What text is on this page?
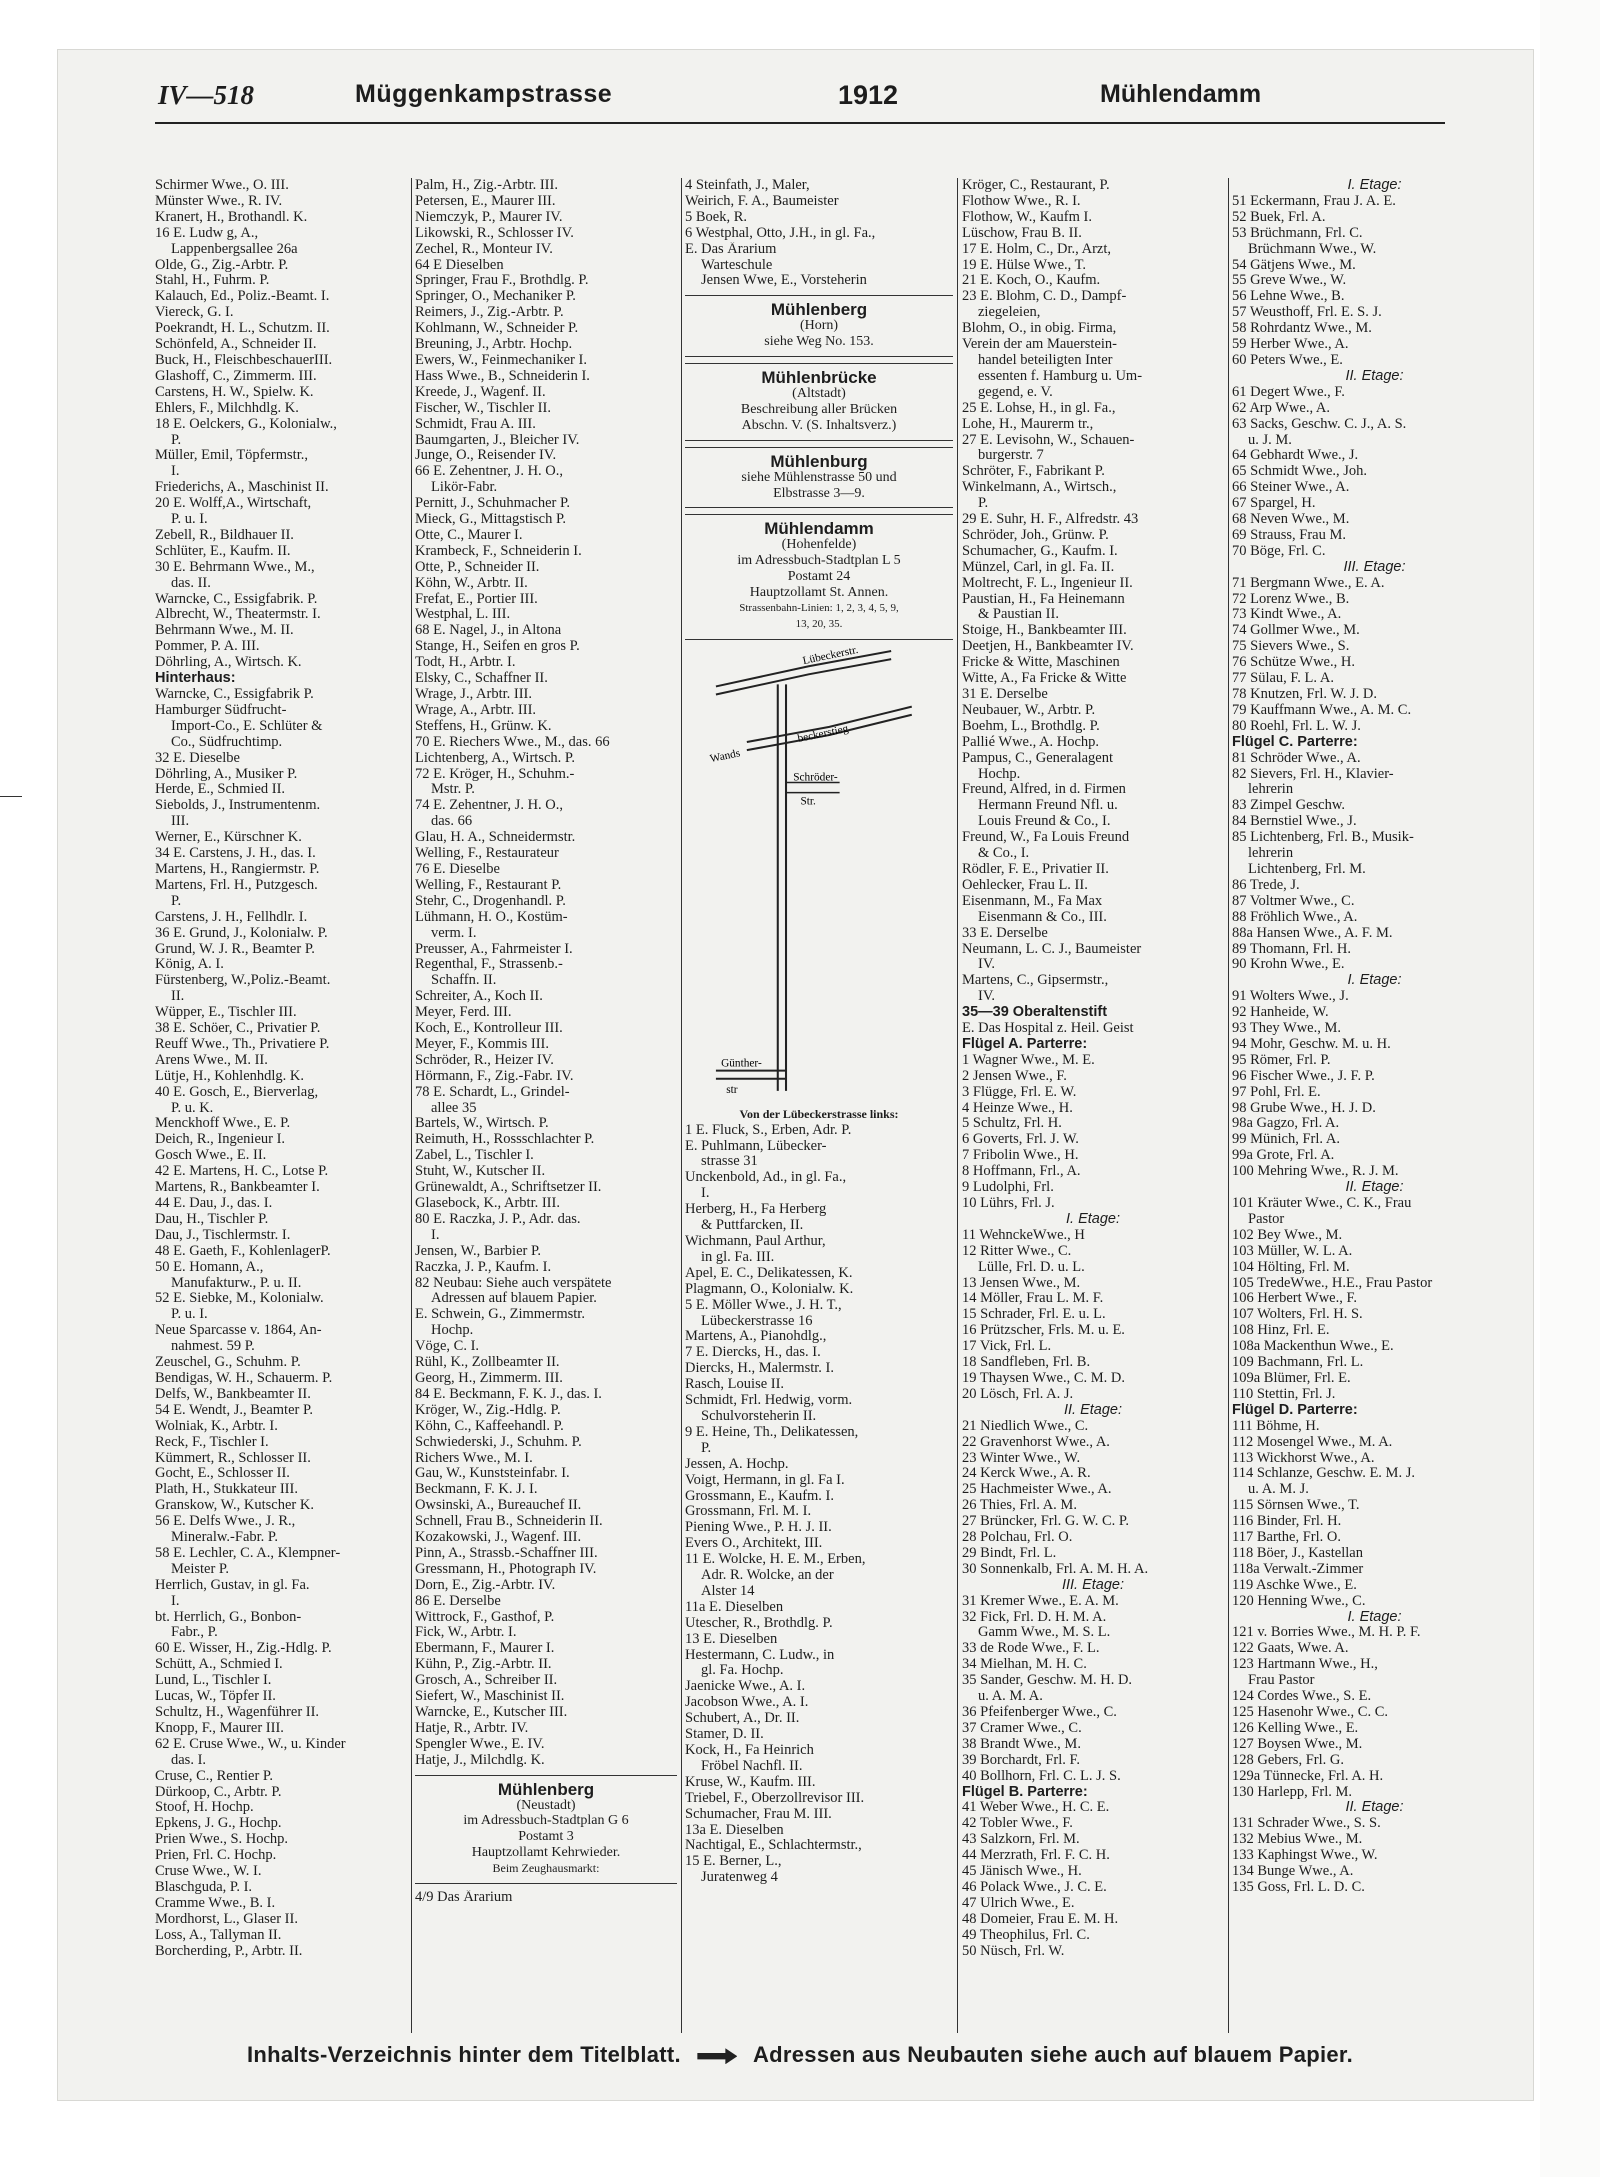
IV—518	Müggenkampstrasse	1912	Mühlendamm
Schirmer Wwe., O. III.
Münster Wwe., R. IV.
Kranert, H., Brothandl. K.
16 E. Ludw g, A.,
Lappenbergsallee 26a
Olde, G., Zig.-Arbtr. P.
Stahl, H., Fuhrm. P.
Kalauch, Ed., Poliz.-Beamt. I.
Viereck, G. I.
Poekrandt, H. L., Schutzm. II.
Schönfeld, A., Schneider II.
Buck, H., FleischbeschauerIII.
Glashoff, C., Zimmerm. III.
Carstens, H. W., Spielw. K.
Ehlers, F., Milchhdlg. K.
18 E. Oelckers, G., Kolonialw.,
P.
Müller, Emil, Töpfermstr.,
I.
Friederichs, A., Maschinist II.
20 E. Wolff,A., Wirtschaft,
P. u. I.
Zebell, R., Bildhauer II.
Schlüter, E., Kaufm. II.
30 E. Behrmann Wwe., M.,
das. II.
Warncke, C., Essigfabrik. P.
Albrecht, W., Theatermstr. I.
Behrmann Wwe., M. II.
Pommer, P. A. III.
Döhrling, A., Wirtsch. K.
Hinterhaus:
Warncke, C., Essigfabrik P.
Hamburger Südfrucht-
Import-Co., E. Schlüter &
Co., Südfruchtimp.
32 E. Dieselbe
Döhrling, A., Musiker P.
Herde, E., Schmied II.
Siebolds, J., Instrumentenm.
III.
Werner, E., Kürschner K.
34 E. Carstens, J. H., das. I.
Martens, H., Rangiermstr. P.
Martens, Frl. H., Putzgesch.
P.
Carstens, J. H., Fellhdlr. I.
36 E. Grund, J., Kolonialw. P.
Grund, W. J. R., Beamter P.
König, A. I.
Fürstenberg, W.,Poliz.-Beamt.
II.
Wüpper, E., Tischler III.
38 E. Schöer, C., Privatier P.
Reuff Wwe., Th., Privatiere P.
Arens Wwe., M. II.
Lütje, H., Kohlenhdlg. K.
40 E. Gosch, E., Bierverlag,
P. u. K.
Menckhoff Wwe., E. P.
Deich, R., Ingenieur I.
Gosch Wwe., E. II.
42 E. Martens, H. C., Lotse P.
Martens, R., Bankbeamter I.
44 E. Dau, J., das. I.
Dau, H., Tischler P.
Dau, J., Tischlermstr. I.
48 E. Gaeth, F., KohlenlagerP.
50 E. Homann, A.,
Manufakturw., P. u. II.
52 E. Siebke, M., Kolonialw.
P. u. I.
Neue Sparcasse v. 1864, An-
nahmest. 59 P.
Zeuschel, G., Schuhm. P.
Bendigas, W. H., Schauerm. P.
Delfs, W., Bankbeamter II.
54 E. Wendt, J., Beamter P.
Wolniak, K., Arbtr. I.
Reck, F., Tischler I.
Kümmert, R., Schlosser II.
Gocht, E., Schlosser II.
Plath, H., Stukkateur III.
Granskow, W., Kutscher K.
56 E. Delfs Wwe., J. R.,
Mineralw.-Fabr. P.
58 E. Lechler, C. A., Klempner-
Meister P.
Herrlich, Gustav, in gl. Fa.
I.
bt. Herrlich, G., Bonbon-
Fabr., P.
60 E. Wisser, H., Zig.-Hdlg. P.
Schütt, A., Schmied I.
Lund, L., Tischler I.
Lucas, W., Töpfer II.
Schultz, H., Wagenführer II.
Knopp, F., Maurer III.
62 E. Cruse Wwe., W., u. Kinder
das. I.
Cruse, C., Rentier P.
Dürkoop, C., Arbtr. P.
Stoof, H. Hochp.
Epkens, J. G., Hochp.
Prien Wwe., S. Hochp.
Prien, Frl. C. Hochp.
Cruse Wwe., W. I.
Blaschguda, P. I.
Cramme Wwe., B. I.
Mordhorst, L., Glaser II.
Loss, A., Tallyman II.
Borcherding, P., Arbtr. II.
Palm, H., Zig.-Arbtr. III.
Petersen, E., Maurer III.
Niemczyk, P., Maurer IV.
Likowski, R., Schlosser IV.
Zechel, R., Monteur IV.
64 E Dieselben
Springer, Frau F., Brothdlg. P.
Springer, O., Mechaniker P.
Reimers, J., Zig.-Arbtr. P.
Kohlmann, W., Schneider P.
Breuning, J., Arbtr. Hochp.
Ewers, W., Feinmechaniker I.
Hass Wwe., B., Schneiderin I.
Kreede, J., Wagenf. II.
Fischer, W., Tischler II.
Schmidt, Frau A. III.
Baumgarten, J., Bleicher IV.
Junge, O., Reisender IV.
66 E. Zehentner, J. H. O.,
Likör-Fabr.
Pernitt, J., Schuhmacher P.
Mieck, G., Mittagstisch P.
Otte, C., Maurer I.
Krambeck, F., Schneiderin I.
Otte, P., Schneider II.
Köhn, W., Arbtr. II.
Frefat, E., Portier III.
Westphal, L. III.
68 E. Nagel, J., in Altona
Stange, H., Seifen en gros P.
Todt, H., Arbtr. I.
Elsky, C., Schaffner II.
Wrage, J., Arbtr. III.
Wrage, A., Arbtr. III.
Steffens, H., Grünw. K.
70 E. Riechers Wwe., M., das. 66
Lichtenberg, A., Wirtsch. P.
72 E. Kröger, H., Schuhm.-
Mstr. P.
74 E. Zehentner, J. H. O.,
das. 66
Glau, H. A., Schneidermstr.
Welling, F., Restaurateur
76 E. Dieselbe
Welling, F., Restaurant P.
Stehr, C., Drogenhandl. P.
Lühmann, H. O., Kostüm-
verm. I.
Preusser, A., Fahrmeister I.
Regenthal, F., Strassenb.-
Schaffn. II.
Schreiter, A., Koch II.
Meyer, Ferd. III.
Koch, E., Kontrolleur III.
Meyer, F., Kommis III.
Schröder, R., Heizer IV.
Hörmann, F., Zig.-Fabr. IV.
78 E. Schardt, L., Grindel-
allee 35
Bartels, W., Wirtsch. P.
Reimuth, H., Rossschlachter P.
Zabel, L., Tischler I.
Stuht, W., Kutscher II.
Grünewaldt, A., Schriftsetzer II.
Glasebock, K., Arbtr. III.
80 E. Raczka, J. P., Adr. das.
I.
Jensen, W., Barbier P.
Raczka, J. P., Kaufm. I.
82 Neubau: Siehe auch verspätete
Adressen auf blauem Papier.
E. Schwein, G., Zimmermstr.
Hochp.
Vöge, C. I.
Rühl, K., Zollbeamter II.
Georg, H., Zimmerm. III.
84 E. Beckmann, F. K. J., das. I.
Kröger, W., Zig.-Hdlg. P.
Köhn, C., Kaffeehandl. P.
Schwiederski, J., Schuhm. P.
Richers Wwe., M. I.
Gau, W., Kunststeinfabr. I.
Beckmann, F. K. J. I.
Owsinski, A., Bureauchef II.
Schnell, Frau B., Schneiderin II.
Kozakowski, J., Wagenf. III.
Pinn, A., Strassb.-Schaffner III.
Gressmann, H., Photograph IV.
Dorn, E., Zig.-Arbtr. IV.
86 E. Derselbe
Wittrock, F., Gasthof, P.
Fick, W., Arbtr. I.
Ebermann, F., Maurer I.
Kühn, P., Zig.-Arbtr. II.
Grosch, A., Schreiber II.
Siefert, W., Maschinist II.
Warncke, E., Kutscher III.
Hatje, R., Arbtr. IV.
Spengler Wwe., E. IV.
Hatje, J., Milchdlg. K.
Mühlenberg
(Neustadt)
im Adressbuch-Stadtplan G 6
Postamt 3
Hauptzollamt Kehrwieder.
Beim Zeughausmarkt:
4/9 Das Ärarium
4 Steinfath, J., Maler,
Weirich, F. A., Baumeister
5 Boek, R.
6 Westphal, Otto, J.H., in gl. Fa.,
E. Das Ärarium
Warteschule
Jensen Wwe, E., Vorsteherin
Mühlenberg
(Horn)
siehe Weg No. 153.
Mühlenbrücke
(Altstadt)
Beschreibung aller Brücken
Abschn. V. (S. Inhaltsverz.)
Mühlenburg
siehe Mühlenstrasse 50 und
Elbstrasse 3—9.
Mühlendamm
(Hohenfelde)
im Adressbuch-Stadtplan L 5
Postamt 24
Hauptzollamt St. Annen.
Strassenbahn-Linien: 1, 2, 3, 4, 5, 9,
13, 20, 35.
Lübeckerstr.
Wands
beckerstieg
Schröder-
Str.
Günther-
str
Von der Lübeckerstrasse links:
1 E. Fluck, S., Erben, Adr. P.
E. Puhlmann, Lübecker-
strasse 31
Unckenbold, Ad., in gl. Fa.,
I.
Herberg, H., Fa Herberg
& Puttfarcken, II.
Wichmann, Paul Arthur,
in gl. Fa. III.
Apel, E. C., Delikatessen, K.
Plagmann, O., Kolonialw. K.
5 E. Möller Wwe., J. H. T.,
Lübeckerstrasse 16
Martens, A., Pianohdlg.,
7 E. Diercks, H., das. I.
Diercks, H., Malermstr. I.
Rasch, Louise II.
Schmidt, Frl. Hedwig, vorm.
Schulvorsteherin II.
9 E. Heine, Th., Delikatessen,
P.
Jessen, A. Hochp.
Voigt, Hermann, in gl. Fa I.
Grossmann, E., Kaufm. I.
Grossmann, Frl. M. I.
Piening Wwe., P. H. J. II.
Evers O., Architekt, III.
11 E. Wolcke, H. E. M., Erben,
Adr. R. Wolcke, an der
Alster 14
11a E. Dieselben
Utescher, R., Brothdlg. P.
13 E. Dieselben
Hestermann, C. Ludw., in
gl. Fa. Hochp.
Jaenicke Wwe., A. I.
Jacobson Wwe., A. I.
Schubert, A., Dr. II.
Stamer, D. II.
Kock, H., Fa Heinrich
Fröbel Nachfl. II.
Kruse, W., Kaufm. III.
Triebel, F., Oberzollrevisor III.
Schumacher, Frau M. III.
13a E. Dieselben
Nachtigal, E., Schlachtermstr.,
15 E. Berner, L.,
Juratenweg 4
Kröger, C., Restaurant, P.
Flothow Wwe., R. I.
Flothow, W., Kaufm I.
Lüschow, Frau B. II.
17 E. Holm, C., Dr., Arzt,
19 E. Hülse Wwe., T.
21 E. Koch, O., Kaufm.
23 E. Blohm, C. D., Dampf-
ziegeleien,
Blohm, O., in obig. Firma,
Verein der am Mauerstein-
handel beteiligten Inter
essenten f. Hamburg u. Um-
gegend, e. V.
25 E. Lohse, H., in gl. Fa.,
Lohe, H., Maurerm tr.,
27 E. Levisohn, W., Schauen-
burgerstr. 7
Schröter, F., Fabrikant P.
Winkelmann, A., Wirtsch.,
P.
29 E. Suhr, H. F., Alfredstr. 43
Schröder, Joh., Grünw. P.
Schumacher, G., Kaufm. I.
Münzel, Carl, in gl. Fa. II.
Moltrecht, F. L., Ingenieur II.
Paustian, H., Fa Heinemann
& Paustian II.
Stoige, H., Bankbeamter III.
Deetjen, H., Bankbeamter IV.
Fricke & Witte, Maschinen
Witte, A., Fa Fricke & Witte
31 E. Derselbe
Neubauer, W., Arbtr. P.
Boehm, L., Brothdlg. P.
Pallié Wwe., A. Hochp.
Pampus, C., Generalagent
Hochp.
Freund, Alfred, in d. Firmen
Hermann Freund Nfl. u.
Louis Freund & Co., I.
Freund, W., Fa Louis Freund
& Co., I.
Rödler, F. E., Privatier II.
Oehlecker, Frau L. II.
Eisenmann, M., Fa Max
Eisenmann & Co., III.
33 E. Derselbe
Neumann, L. C. J., Baumeister
IV.
Martens, C., Gipsermstr.,
IV.
35—39 Oberaltenstift
E. Das Hospital z. Heil. Geist
Flügel A. Parterre:
1 Wagner Wwe., M. E.
2 Jensen Wwe., F.
3 Flügge, Frl. E. W.
4 Heinze Wwe., H.
5 Schultz, Frl. H.
6 Goverts, Frl. J. W.
7 Fribolin Wwe., H.
8 Hoffmann, Frl., A.
9 Ludolphi, Frl.
10 Lührs, Frl. J.
I. Etage:
11 WehnckeWwe., H
12 Ritter Wwe., C.
Lülle, Frl. D. u. L.
13 Jensen Wwe., M.
14 Möller, Frau L. M. F.
15 Schrader, Frl. E. u. L.
16 Prützscher, Frls. M. u. E.
17 Vick, Frl. L.
18 Sandfleben, Frl. B.
19 Thaysen Wwe., C. M. D.
20 Lösch, Frl. A. J.
II. Etage:
21 Niedlich Wwe., C.
22 Gravenhorst Wwe., A.
23 Winter Wwe., W.
24 Kerck Wwe., A. R.
25 Hachmeister Wwe., A.
26 Thies, Frl. A. M.
27 Brüncker, Frl. G. W. C. P.
28 Polchau, Frl. O.
29 Bindt, Frl. L.
30 Sonnenkalb, Frl. A. M. H. A.
III. Etage:
31 Kremer Wwe., E. A. M.
32 Fick, Frl. D. H. M. A.
Gamm Wwe., M. S. L.
33 de Rode Wwe., F. L.
34 Mielhan, M. H. C.
35 Sander, Geschw. M. H. D.
u. A. M. A.
36 Pfeifenberger Wwe., C.
37 Cramer Wwe., C.
38 Brandt Wwe., M.
39 Borchardt, Frl. F.
40 Bollhorn, Frl. C. L. J. S.
Flügel B. Parterre:
41 Weber Wwe., H. C. E.
42 Tobler Wwe., F.
43 Salzkorn, Frl. M.
44 Merzrath, Frl. F. C. H.
45 Jänisch Wwe., H.
46 Polack Wwe., J. C. E.
47 Ulrich Wwe., E.
48 Domeier, Frau E. M. H.
49 Theophilus, Frl. C.
50 Nüsch, Frl. W.
I. Etage:
51 Eckermann, Frau J. A. E.
52 Buek, Frl. A.
53 Brüchmann, Frl. C.
Brüchmann Wwe., W.
54 Gätjens Wwe., M.
55 Greve Wwe., W.
56 Lehne Wwe., B.
57 Weusthoff, Frl. E. S. J.
58 Rohrdantz Wwe., M.
59 Herber Wwe., A.
60 Peters Wwe., E.
II. Etage:
61 Degert Wwe., F.
62 Arp Wwe., A.
63 Sacks, Geschw. C. J., A. S.
u. J. M.
64 Gebhardt Wwe., J.
65 Schmidt Wwe., Joh.
66 Steiner Wwe., A.
67 Spargel, H.
68 Neven Wwe., M.
69 Strauss, Frau M.
70 Böge, Frl. C.
III. Etage:
71 Bergmann Wwe., E. A.
72 Lorenz Wwe., B.
73 Kindt Wwe., A.
74 Gollmer Wwe., M.
75 Sievers Wwe., S.
76 Schütze Wwe., H.
77 Sülau, F. L. A.
78 Knutzen, Frl. W. J. D.
79 Kauffmann Wwe., A. M. C.
80 Roehl, Frl. L. W. J.
Flügel C. Parterre:
81 Schröder Wwe., A.
82 Sievers, Frl. H., Klavier-
lehrerin
83 Zimpel Geschw.
84 Bernstiel Wwe., J.
85 Lichtenberg, Frl. B., Musik-
lehrerin
Lichtenberg, Frl. M.
86 Trede, J.
87 Voltmer Wwe., C.
88 Fröhlich Wwe., A.
88a Hansen Wwe., A. F. M.
89 Thomann, Frl. H.
90 Krohn Wwe., E.
I. Etage:
91 Wolters Wwe., J.
92 Hanheide, W.
93 They Wwe., M.
94 Mohr, Geschw. M. u. H.
95 Römer, Frl. P.
96 Fischer Wwe., J. F. P.
97 Pohl, Frl. E.
98 Grube Wwe., H. J. D.
98a Gagzo, Frl. A.
99 Münich, Frl. A.
99a Grote, Frl. A.
100 Mehring Wwe., R. J. M.
II. Etage:
101 Kräuter Wwe., C. K., Frau
Pastor
102 Bey Wwe., M.
103 Müller, W. L. A.
104 Hölting, Frl. M.
105 TredeWwe., H.E., Frau Pastor
106 Herbert Wwe., F.
107 Wolters, Frl. H. S.
108 Hinz, Frl. E.
108a Mackenthun Wwe., E.
109 Bachmann, Frl. L.
109a Blümer, Frl. E.
110 Stettin, Frl. J.
Flügel D. Parterre:
111 Böhme, H.
112 Mosengel Wwe., M. A.
113 Wickhorst Wwe., A.
114 Schlanze, Geschw. E. M. J.
u. A. M. J.
115 Sörnsen Wwe., T.
116 Binder, Frl. H.
117 Barthe, Frl. O.
118 Böer, J., Kastellan
118a Verwalt.-Zimmer
119 Aschke Wwe., E.
120 Henning Wwe., C.
I. Etage:
121 v. Borries Wwe., M. H. P. F.
122 Gaats, Wwe. A.
123 Hartmann Wwe., H.,
Frau Pastor
124 Cordes Wwe., S. E.
125 Hasenohr Wwe., C. C.
126 Kelling Wwe., E.
127 Boysen Wwe., M.
128 Gebers, Frl. G.
129a Tünnecke, Frl. A. H.
130 Harlepp, Frl. M.
II. Etage:
131 Schrader Wwe., S. S.
132 Mebius Wwe., M.
133 Kaphingst Wwe., W.
134 Bunge Wwe., A.
135 Goss, Frl. L. D. C.
Inhalts-Verzeichnis hinter dem Titelblatt.	Adressen aus Neubauten siehe auch auf blauem Papier.
